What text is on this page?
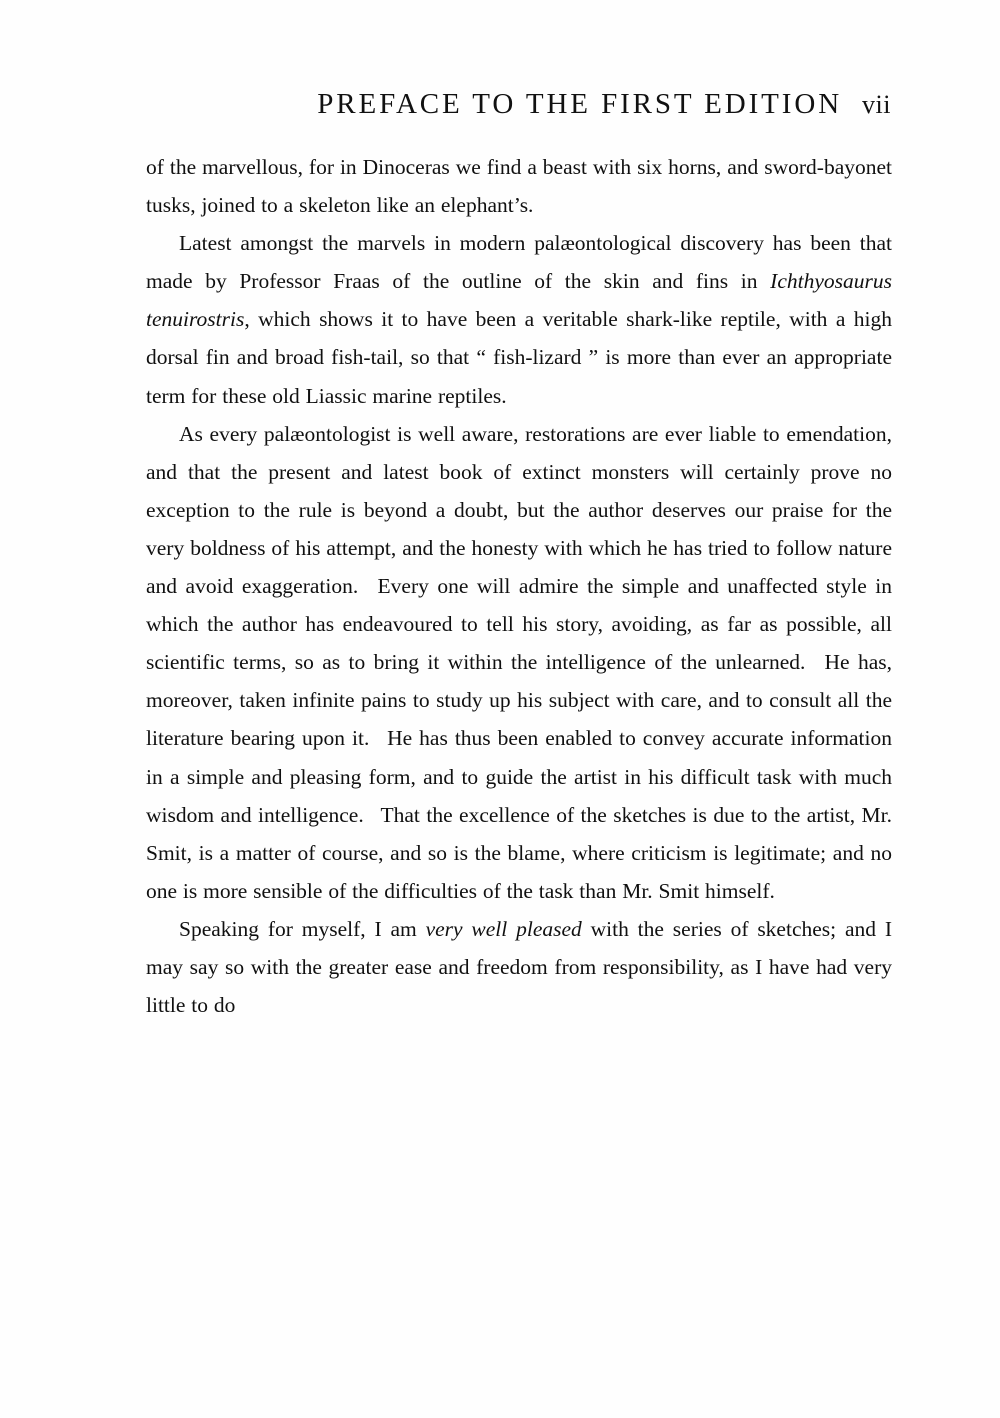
PREFACE TO THE FIRST EDITION vii

of the marvellous, for in Dinoceras we find a beast with six horns, and sword-bayonet tusks, joined to a skeleton like an elephant’s.

Latest amongst the marvels in modern palæontological discovery has been that made by Professor Fraas of the outline of the skin and fins in Ichthyosaurus tenuirostris, which shows it to have been a veritable shark-like reptile, with a high dorsal fin and broad fish-tail, so that “ fish-lizard ” is more than ever an appropriate term for these old Liassic marine reptiles.

As every palæontologist is well aware, restorations are ever liable to emendation, and that the present and latest book of extinct monsters will certainly prove no exception to the rule is beyond a doubt, but the author deserves our praise for the very boldness of his attempt, and the honesty with which he has tried to follow nature and avoid exaggeration.  Every one will admire the simple and unaffected style in which the author has endeavoured to tell his story, avoiding, as far as possible, all scientific terms, so as to bring it within the intelligence of the unlearned.  He has, moreover, taken infinite pains to study up his subject with care, and to consult all the literature bearing upon it.  He has thus been enabled to convey accurate information in a simple and pleasing form, and to guide the artist in his difficult task with much wisdom and intelligence.  That the excellence of the sketches is due to the artist, Mr. Smit, is a matter of course, and so is the blame, where criticism is legitimate; and no one is more sensible of the difficulties of the task than Mr. Smit himself.

Speaking for myself, I am very well pleased with the series of sketches; and I may say so with the greater ease and freedom from responsibility, as I have had very little to do
